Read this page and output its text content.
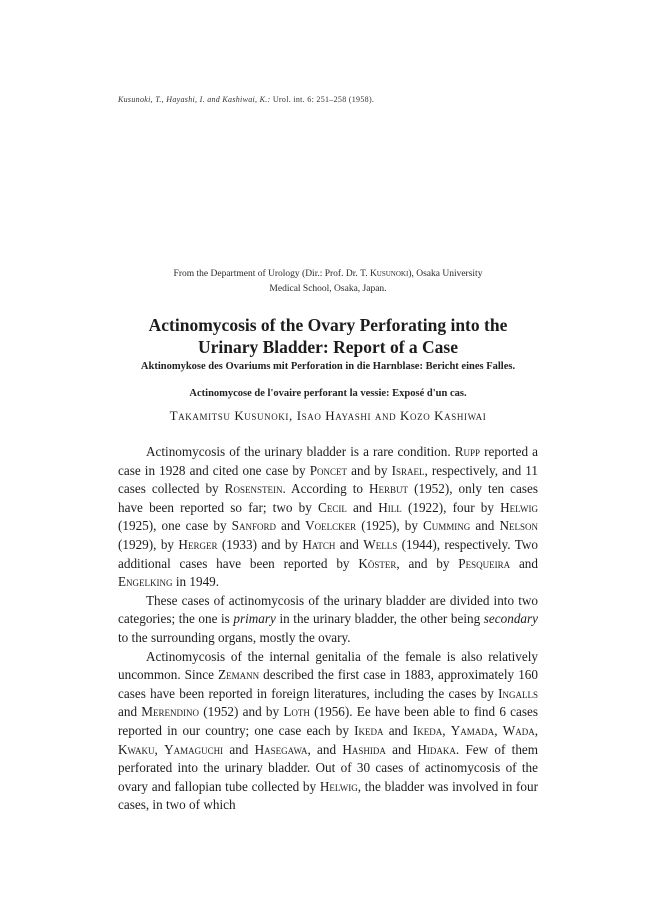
Kusunoki, T., Hayashi, I. and Kashiwai, K.: Urol. int. 6: 251–258 (1958).
From the Department of Urology (Dir.: Prof. Dr. T. Kusunoki), Osaka University
Medical School, Osaka, Japan.
Actinomycosis of the Ovary Perforating into the Urinary Bladder: Report of a Case
Aktinomykose des Ovariums mit Perforation in die Harnblase: Bericht eines Falles.
Actinomycose de l'ovaire perforant la vessie: Exposé d'un cas.
Takamitsu Kusunoki, Isao Hayashi and Kozo Kashiwai

Actinomycosis of the urinary bladder is a rare condition. Rupp reported a case in 1928 and cited one case by Poncet and by Israel, respectively, and 11 cases collected by Rosenstein. According to Herbut (1952), only ten cases have been reported so far; two by Cecil and Hill (1922), four by Helwig (1925), one case by Sanford and Voelcker (1925), by Cumming and Nelson (1929), by Herger (1933) and by Hatch and Wells (1944), respectively. Two additional cases have been reported by Köster, and by Pesqueira and Engelking in 1949.

These cases of actinomycosis of the urinary bladder are divided into two categories; the one is primary in the urinary bladder, the other being secondary to the surrounding organs, mostly the ovary.

Actinomycosis of the internal genitalia of the female is also relatively uncommon. Since Zemann described the first case in 1883, approximately 160 cases have been reported in foreign literatures, including the cases by Ingalls and Merendino (1952) and by Loth (1956). Ee have been able to find 6 cases reported in our country; one case each by Ikeda and Ikeda, Yamada, Wada, Kwaku, Yamaguchi and Hasegawa, and Hashida and Hidaka. Few of them perforated into the urinary bladder. Out of 30 cases of actinomycosis of the ovary and fallopian tube collected by Helwig, the bladder was involved in four cases, in two of which
